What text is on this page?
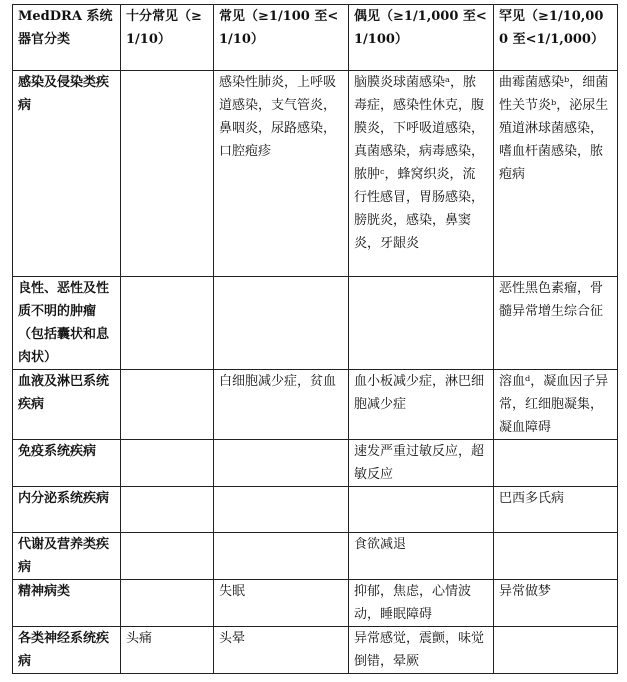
MedDRA 系统器官分类	十分常见（≥1/10）	常见（≥1/100 至<1/10）	偶见（≥1/1,000 至<1/100）	罕见（≥1/10,000 至<1/1,000）
感染及侵染类疾病		感染性肺炎，上呼吸道感染，支气管炎，鼻咽炎，尿路感染，口腔疱疹	脑膜炎球菌感染ᵃ，脓毒症，感染性休克，腹膜炎，下呼吸道感染，真菌感染，病毒感染，脓肿ᶜ，蜂窝织炎，流行性感冒，胃肠感染，膀胱炎，感染，鼻窦炎，牙龈炎	曲霉菌感染ᵇ，细菌性关节炎ᵇ，泌尿生殖道淋球菌感染，嗜血杆菌感染，脓疱病
良性、恶性及性质不明的肿瘤（包括囊状和息肉状）				恶性黑色素瘤，骨髓异常增生综合征
血液及淋巴系统疾病		白细胞减少症，贫血	血小板减少症，淋巴细胞减少症	溶血ᵈ，凝血因子异常，红细胞凝集，凝血障碍
免疫系统疾病			速发严重过敏反应，超敏反应	
内分泌系统疾病				巴西多氏病
代谢及营养类疾病			食欲减退	
精神病类		失眠	抑郁，焦虑，心情波动，睡眠障碍	异常做梦
各类神经系统疾病	头痛	头晕	异常感觉，震颤，味觉倒错，晕厥	
